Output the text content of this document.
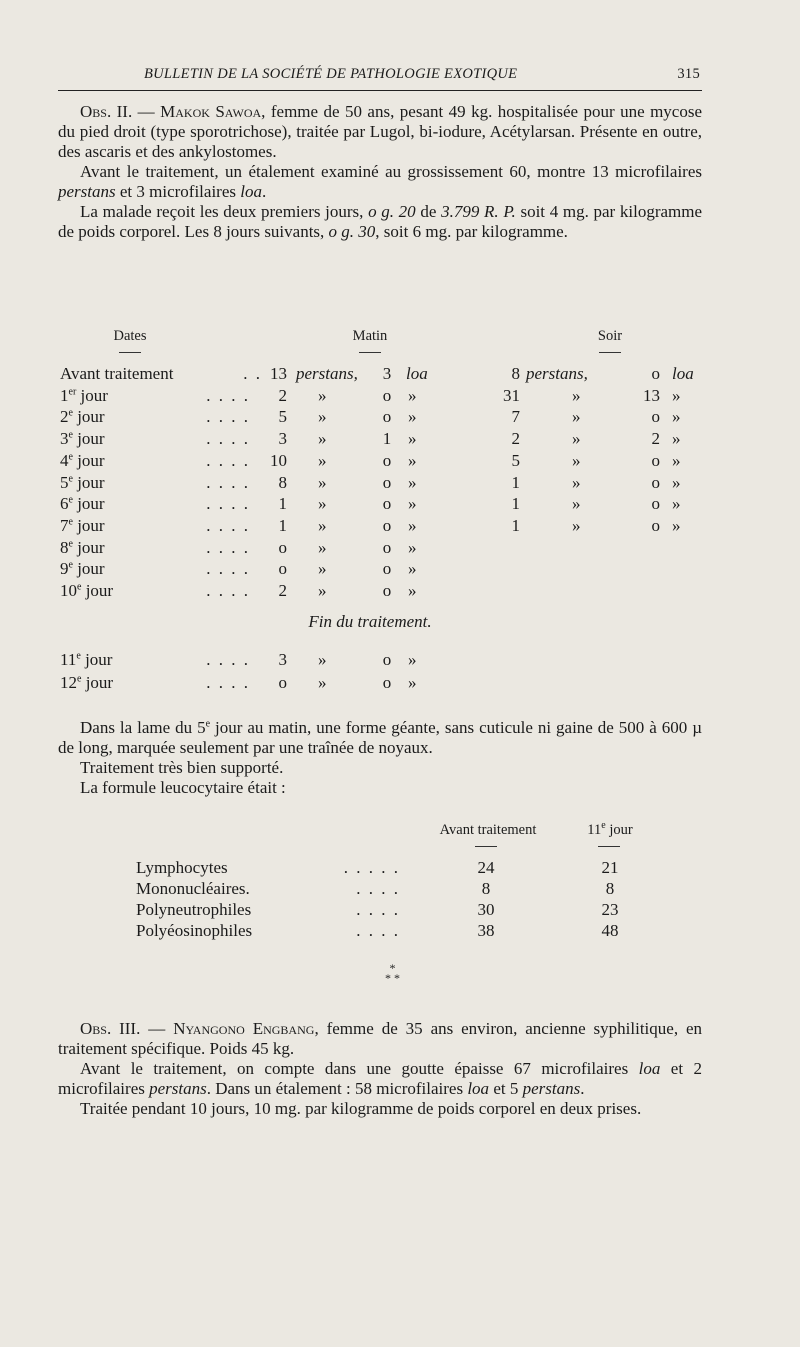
BULLETIN DE LA SOCIÉTÉ DE PATHOLOGIE EXOTIQUE	315

Obs. II. — Makok Sawoa, femme de 50 ans, pesant 49 kg. hospitalisée pour une mycose du pied droit (type sporotrichose), traitée par Lugol, bi-iodure, Acétylarsan. Présente en outre, des ascaris et des ankylostomes.

Avant le traitement, un étalement examiné au grossissement 60, montre 13 microfilaires perstans et 3 microfilaires loa.

La malade reçoit les deux premiers jours, o g. 20 de 3.799 R. P. soit 4 mg. par kilogramme de poids corporel. Les 8 jours suivants, o g. 30, soit 6 mg. par kilogramme.

Dates	Matin	Soir
Avant traitement	. . 13 perstans,	3 loa	8 perstans,	o loa
1er jour	. . . .	2 »	o »	31	»	13 »
2e jour	. . . .	5 »	o »	7	»	o »
3e jour	. . . .	3 »	1 »	2	»	2 »
4e jour	. . . .	10 »	o »	5	»	o »
5e jour	. . . .	8 »	o »	1	»	o »
6e jour	. . . .	1 »	o »	1	»	o »
7e jour	. . . .	1 »	o »	1	»	o »
8e jour	. . . .	o »	o »
9e jour	. . . .	o »	o »
10e jour	. . . .	2 »	o »
Fin du traitement.
11e jour	. . . .	3 »	o »
12e jour	. . . .	o »	o »

Dans la lame du 5e jour au matin, une forme géante, sans cuticule ni gaine de 500 à 600 µ de long, marquée seulement par une traînée de noyaux.

Traitement très bien supporté.

La formule leucocytaire était :

Avant traitement	11e jour
Lymphocytes	. . . . .	24	21
Mononucléaires.	. . . .	8	8
Polyneutrophiles	. . . .	30	23
Polyéosinophiles	. . . .	38	48
*
* *

Obs. III. — Nyangono Engbang, femme de 35 ans environ, ancienne syphilitique, en traitement spécifique. Poids 45 kg.

Avant le traitement, on compte dans une goutte épaisse 67 microfilaires loa et 2 microfilaires perstans. Dans un étalement : 58 microfilaires loa et 5 perstans.

Traitée pendant 10 jours, 10 mg. par kilogramme de poids corporel en deux prises.
